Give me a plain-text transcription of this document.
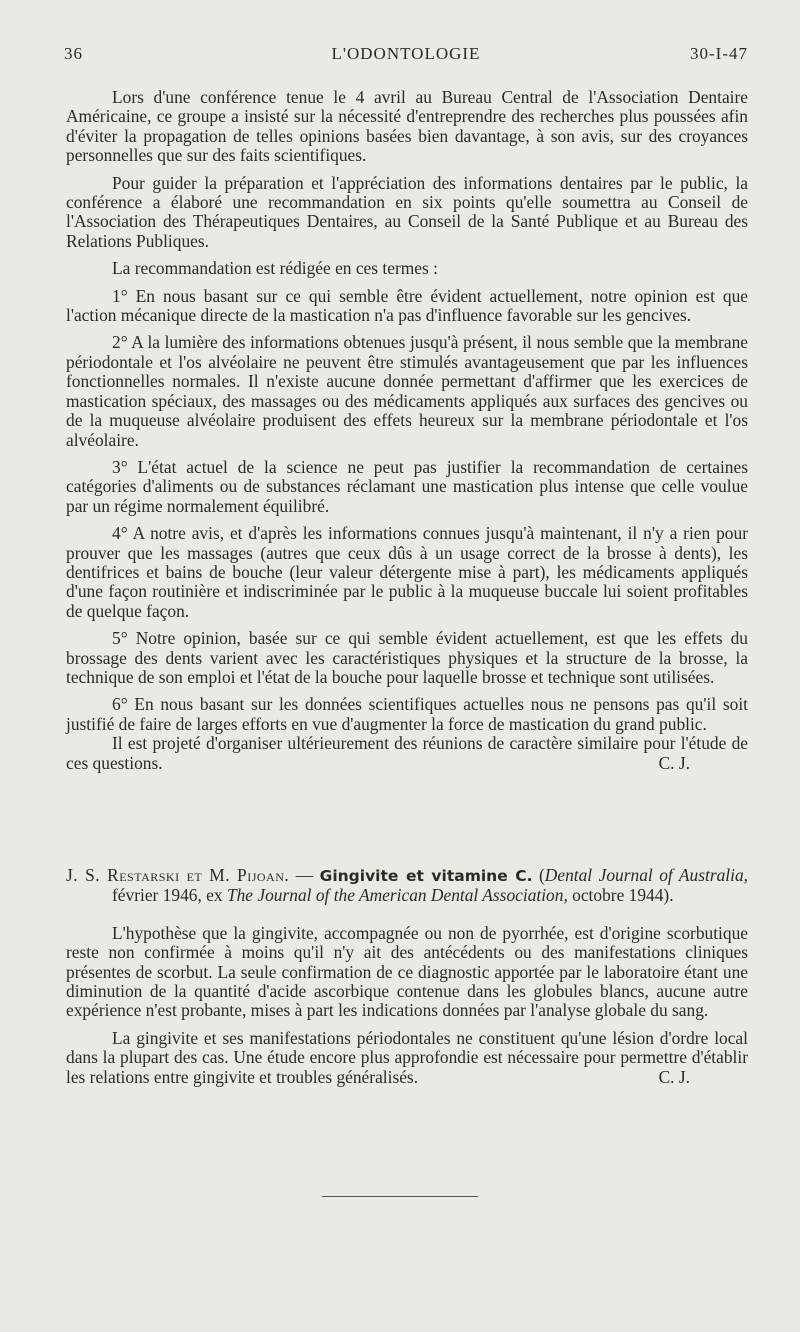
36	L'ODONTOLOGIE	30-I-47

Lors d'une conférence tenue le 4 avril au Bureau Central de l'Association Dentaire Américaine, ce groupe a insisté sur la nécessité d'entreprendre des recherches plus poussées afin d'éviter la propagation de telles opinions basées bien davantage, à son avis, sur des croyances personnelles que sur des faits scientifiques.

Pour guider la préparation et l'appréciation des informations dentaires par le public, la conférence a élaboré une recommandation en six points qu'elle soumettra au Conseil de l'Association des Thérapeutiques Dentaires, au Conseil de la Santé Publique et au Bureau des Relations Publiques.

La recommandation est rédigée en ces termes :

1° En nous basant sur ce qui semble être évident actuellement, notre opinion est que l'action mécanique directe de la mastication n'a pas d'influence favorable sur les gencives.

2° A la lumière des informations obtenues jusqu'à présent, il nous semble que la membrane périodontale et l'os alvéolaire ne peuvent être stimulés avantageusement que par les influences fonctionnelles normales. Il n'existe aucune donnée permettant d'affirmer que les exercices de mastication spéciaux, des massages ou des médicaments appliqués aux surfaces des gencives ou de la muqueuse alvéolaire produisent des effets heureux sur la membrane périodontale et l'os alvéolaire.

3° L'état actuel de la science ne peut pas justifier la recommandation de certaines catégories d'aliments ou de substances réclamant une mastication plus intense que celle voulue par un régime normalement équilibré.

4° A notre avis, et d'après les informations connues jusqu'à maintenant, il n'y a rien pour prouver que les massages (autres que ceux dûs à un usage correct de la brosse à dents), les dentifrices et bains de bouche (leur valeur détergente mise à part), les médicaments appliqués d'une façon routinière et indiscriminée par le public à la muqueuse buccale lui soient profitables de quelque façon.

5° Notre opinion, basée sur ce qui semble évident actuellement, est que les effets du brossage des dents varient avec les caractéristiques physiques et la structure de la brosse, la technique de son emploi et l'état de la bouche pour laquelle brosse et technique sont utilisées.

6° En nous basant sur les données scientifiques actuelles nous ne pensons pas qu'il soit justifié de faire de larges efforts en vue d'augmenter la force de mastication du grand public.

Il est projeté d'organiser ultérieurement des réunions de caractère similaire pour l'étude de ces questions.	C. J.

J. S. Restarski et M. Pijoan. — Gingivite et vitamine C. (Dental Journal of Australia, février 1946, ex The Journal of the American Dental Association, octobre 1944).

L'hypothèse que la gingivite, accompagnée ou non de pyorrhée, est d'origine scorbutique reste non confirmée à moins qu'il n'y ait des antécédents ou des manifestations cliniques présentes de scorbut. La seule confirmation de ce diagnostic apportée par le laboratoire étant une diminution de la quantité d'acide ascorbique contenue dans les globules blancs, aucune autre expérience n'est probante, mises à part les indications données par l'analyse globale du sang.

La gingivite et ses manifestations périodontales ne constituent qu'une lésion d'ordre local dans la plupart des cas. Une étude encore plus approfondie est nécessaire pour permettre d'établir les relations entre gingivite et troubles généralisés.	C. J.
